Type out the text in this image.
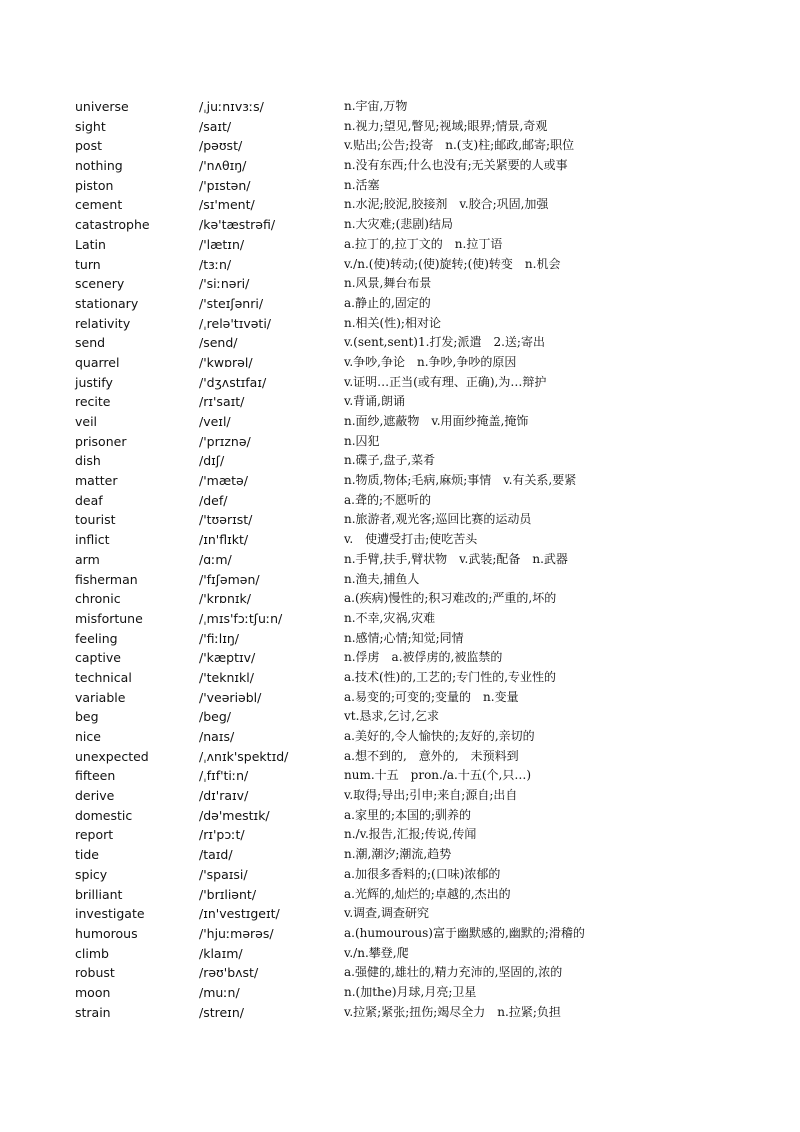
universe	/ˌjuːnɪvɜːs/	n.宇宙,万物
sight	/saɪt/	n.视力;望见,瞥见;视域;眼界;情景,奇观
post	/pəʊst/	v.贴出;公告;投寄　n.(支)柱;邮政,邮寄;职位
nothing	/'nʌθɪŋ/	n.没有东西;什么也没有;无关紧要的人或事
piston	/'pɪstən/	n.活塞
cement	/sɪ'ment/	n.水泥;胶泥,胶接剂　v.胶合;巩固,加强
catastrophe	/kə'tæstrəfi/	n.大灾难;(悲剧)结局
Latin	/'lætɪn/	a.拉丁的,拉丁文的　n.拉丁语
turn	/tɜːn/	v./n.(使)转动;(使)旋转;(使)转变　n.机会
scenery	/'siːnəri/	n.风景,舞台布景
stationary	/'steɪʃənri/	a.静止的,固定的
relativity	/ˌrelə'tɪvəti/	n.相关(性);相对论
send	/send/	v.(sent,sent)1.打发;派遣　2.送;寄出
quarrel	/'kwɒrəl/	v.争吵,争论　n.争吵,争吵的原因
justify	/'dʒʌstɪfaɪ/	v.证明…正当(或有理、正确),为…辩护
recite	/rɪ'saɪt/	v.背诵,朗诵
veil	/veɪl/	n.面纱,遮蔽物　v.用面纱掩盖,掩饰
prisoner	/'prɪznə/	n.囚犯
dish	/dɪʃ/	n.碟子,盘子,菜肴
matter	/'mætə/	n.物质,物体;毛病,麻烦;事情　v.有关系,要紧
deaf	/def/	a.聋的;不愿听的
tourist	/'tʊərɪst/	n.旅游者,观光客;巡回比赛的运动员
inflict	/ɪn'flɪkt/	v.　使遭受打击;使吃苦头
arm	/ɑːm/	n.手臂,扶手,臂状物　v.武装;配备　n.武器
fisherman	/'fɪʃəmən/	n.渔夫,捕鱼人
chronic	/'krɒnɪk/	a.(疾病)慢性的;积习难改的;严重的,坏的
misfortune	/ˌmɪs'fɔːtʃuːn/	n.不幸,灾祸,灾难
feeling	/'fiːlɪŋ/	n.感情;心情;知觉;同情
captive	/'kæptɪv/	n.俘虏　a.被俘虏的,被监禁的
technical	/'teknɪkl/	a.技术(性)的,工艺的;专门性的,专业性的
variable	/'veəriəbl/	a.易变的;可变的;变量的　n.变量
beg	/beg/	vt.恳求,乞讨,乞求
nice	/naɪs/	a.美好的,令人愉快的;友好的,亲切的
unexpected	/ˌʌnɪk'spektɪd/	a.想不到的,　意外的,　未预料到
fifteen	/ˌfɪf'tiːn/	num.十五　pron./a.十五(个,只…)
derive	/dɪ'raɪv/	v.取得;导出;引申;来自;源自;出自
domestic	/də'mestɪk/	a.家里的;本国的;驯养的
report	/rɪ'pɔːt/	n./v.报告,汇报;传说,传闻
tide	/taɪd/	n.潮,潮汐;潮流,趋势
spicy	/'spaɪsi/	a.加很多香料的;(口味)浓郁的
brilliant	/'brɪliənt/	a.光辉的,灿烂的;卓越的,杰出的
investigate	/ɪn'vestɪgeɪt/	v.调查,调查研究
humorous	/'hjuːmərəs/	a.(humourous)富于幽默感的,幽默的;滑稽的
climb	/klaɪm/	v./n.攀登,爬
robust	/rəʊ'bʌst/	a.强健的,雄壮的,精力充沛的,坚固的,浓的
moon	/muːn/	n.(加the)月球,月亮;卫星
strain	/streɪn/	v.拉紧;紧张;扭伤;竭尽全力　n.拉紧;负担
